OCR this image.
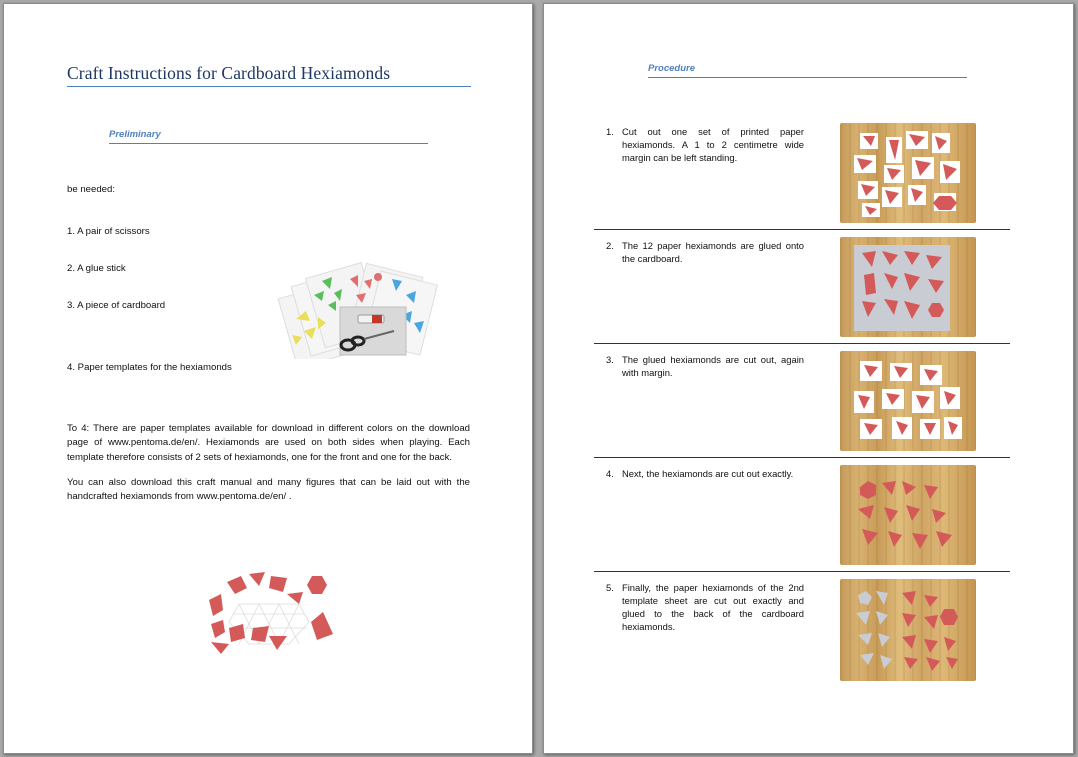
Craft Instructions for Cardboard Hexiamonds
Preliminary
be needed:
1. A pair of scissors
2. A glue stick
3. A piece of cardboard
4. Paper templates for the hexiamonds
To 4: There are paper templates available for download in different colors on the download page of www.pentoma.de/en/. Hexiamonds are used on both sides when playing. Each template therefore consists of 2 sets of hexiamonds, one for the front and one for the back.
You can also download this craft manual and many figures that can be laid out with the handcrafted hexiamonds from www.pentoma.de/en/ .
Procedure
1. Cut out one set of printed paper hexiamonds. A 1 to 2 centimetre wide margin can be left standing.
2. The 12 paper hexiamonds are glued onto the cardboard.
3. The glued hexiamonds are cut out, again with margin.
4. Next, the hexiamonds are cut out exactly.
5. Finally, the paper hexiamonds of the 2nd template sheet are cut out exactly and glued to the back of the cardboard hexiamonds.
